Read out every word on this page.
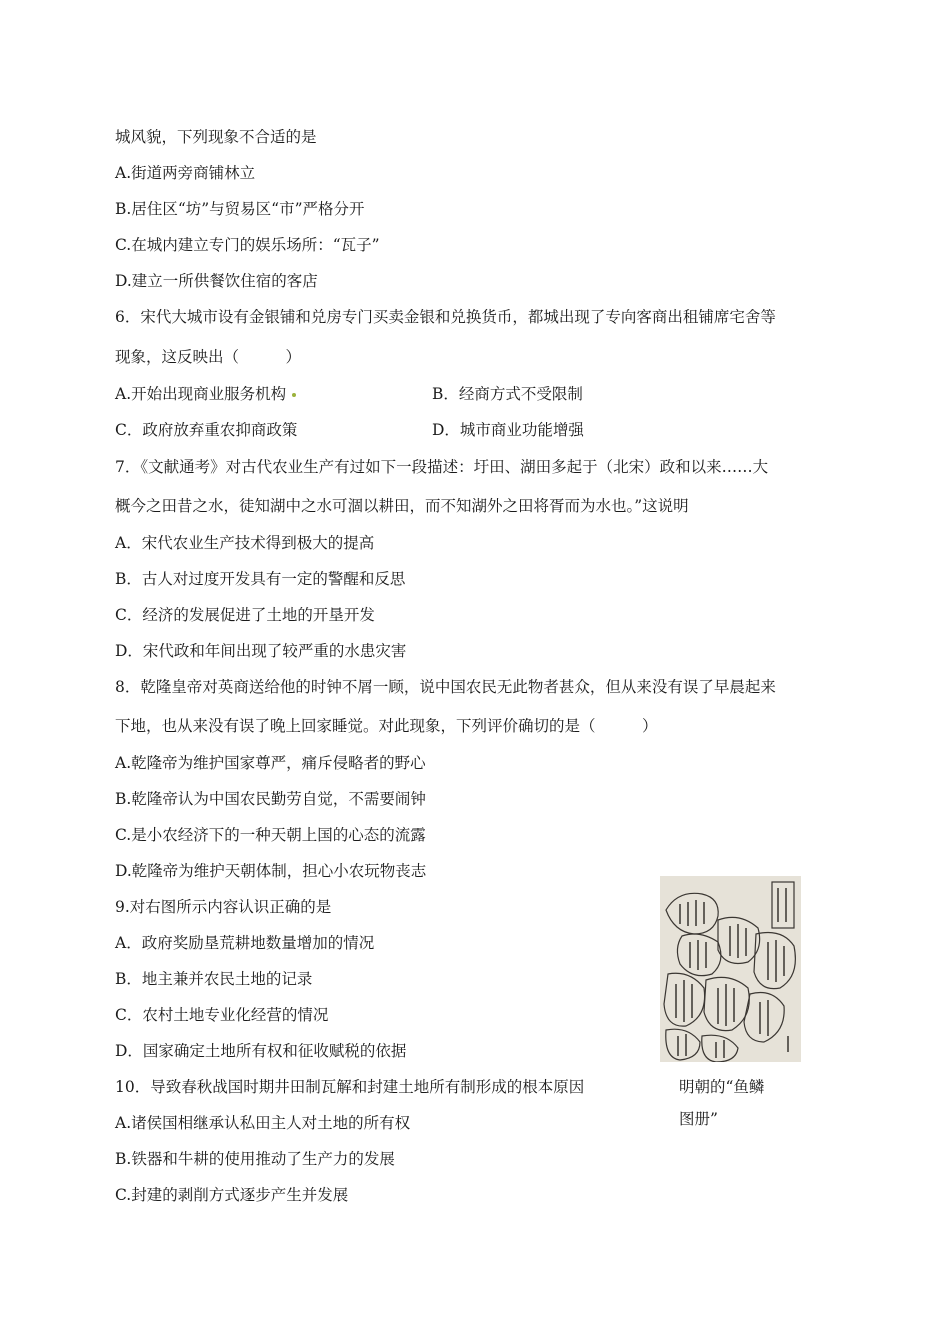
城风貌，下列现象不合适的是
A.街道两旁商铺林立
B.居住区“坊”与贸易区“市”严格分开
C.在城内建立专门的娱乐场所：“瓦子”
D.建立一所供餐饮住宿的客店
6．宋代大城市设有金银铺和兑房专门买卖金银和兑换货币，都城出现了专向客商出租铺席宅舍等
现象，这反映出（　　　）
A.开始出现商业服务机构	B．经商方式不受限制
C．政府放弃重农抑商政策	D．城市商业功能增强
7．《文献通考》对古代农业生产有过如下一段描述：圩田、湖田多起于（北宋）政和以来……大
概今之田昔之水，徒知湖中之水可涸以耕田，而不知湖外之田将胥而为水也。”这说明
A．宋代农业生产技术得到极大的提高
B．古人对过度开发具有一定的警醒和反思
C．经济的发展促进了土地的开垦开发
D．宋代政和年间出现了较严重的水患灾害
8．乾隆皇帝对英商送给他的时钟不屑一顾，说中国农民无此物者甚众，但从来没有误了早晨起来
下地，也从来没有误了晚上回家睡觉。对此现象，下列评价确切的是（　　　）
A.乾隆帝为维护国家尊严，痛斥侵略者的野心
B.乾隆帝认为中国农民勤劳自觉，不需要闹钟
C.是小农经济下的一种天朝上国的心态的流露
D.乾隆帝为维护天朝体制，担心小农玩物丧志
9.对右图所示内容认识正确的是
A．政府奖励垦荒耕地数量增加的情况
B．地主兼并农民土地的记录
C．农村土地专业化经营的情况
D．国家确定土地所有权和征收赋税的依据
10．导致春秋战国时期井田制瓦解和封建土地所有制形成的根本原因
A.诸侯国相继承认私田主人对土地的所有权
B.铁器和牛耕的使用推动了生产力的发展
C.封建的剥削方式逐步产生并发展
明朝的“鱼鳞
图册”
